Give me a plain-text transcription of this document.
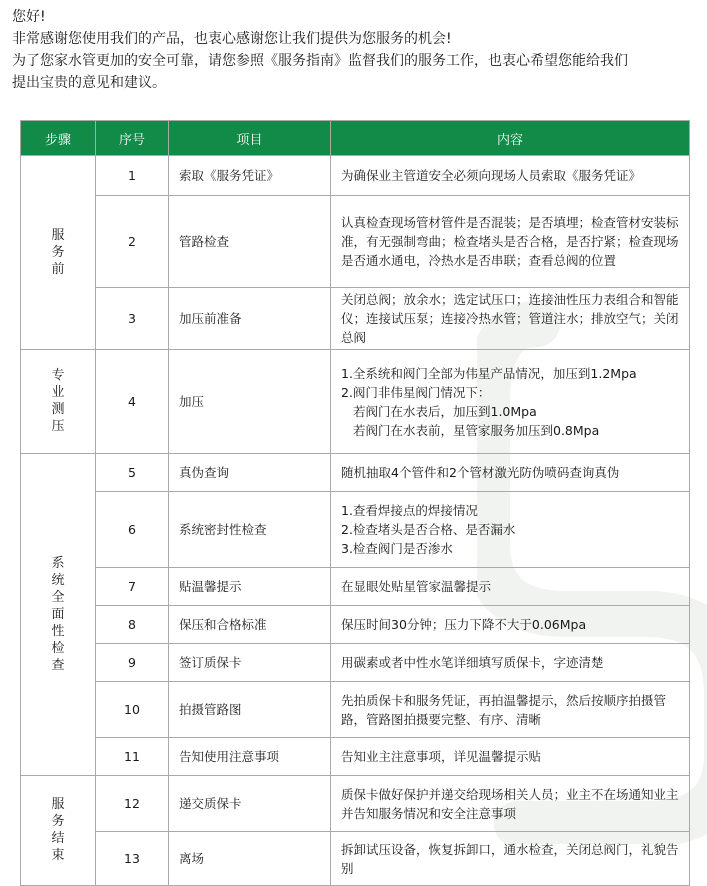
您好!

非常感谢您使用我们的产品，也衷心感谢您让我们提供为您服务的机会!

为了您家水管更加的安全可靠，请您参照《服务指南》监督我们的服务工作，也衷心希望您能给我们

提出宝贵的意见和建议。

步骤	序号	项目	内容
服务前	1	索取《服务凭证》	为确保业主管道安全必须向现场人员索取《服务凭证》
	2	管路检查	认真检查现场管材管件是否混装；是否填埋；检查管材安装标准，有无强制弯曲；检查堵头是否合格，是否拧紧；检查现场是否通水通电，冷热水是否串联；查看总阀的位置
	3	加压前准备	关闭总阀；放余水；选定试压口；连接油性压力表组合和智能仪；连接试压泵；连接冷热水管；管道注水；排放空气；关闭总阀
专业测压	4	加压	1.全系统和阀门全部为伟星产品情况，加压到1.2Mpa
2.阀门非伟星阀门情况下：
若阀门在水表后，加压到1.0Mpa
若阀门在水表前，星管家服务加压到0.8Mpa

系统全面性检查	5	真伪查询	随机抽取4个管件和2个管材激光防伪喷码查询真伪
	6	系统密封性检查	1.查看焊接点的焊接情况
2.检查堵头是否合格、是否漏水
3.检查阀门是否渗水

	7	贴温馨提示	在显眼处贴星管家温馨提示
	8	保压和合格标准	保压时间30分钟；压力下降不大于0.06Mpa
	9	签订质保卡	用碳素或者中性水笔详细填写质保卡，字迹清楚
	10	拍摄管路图	先拍质保卡和服务凭证，再拍温馨提示，然后按顺序拍摄管路，管路图拍摄要完整、有序、清晰
	11	告知使用注意事项	告知业主注意事项，详见温馨提示贴
服务结束	12	递交质保卡	质保卡做好保护并递交给现场相关人员；业主不在场通知业主并告知服务情况和安全注意事项
	13	离场	拆卸试压设备，恢复拆卸口，通水检查，关闭总阀门，礼貌告别
